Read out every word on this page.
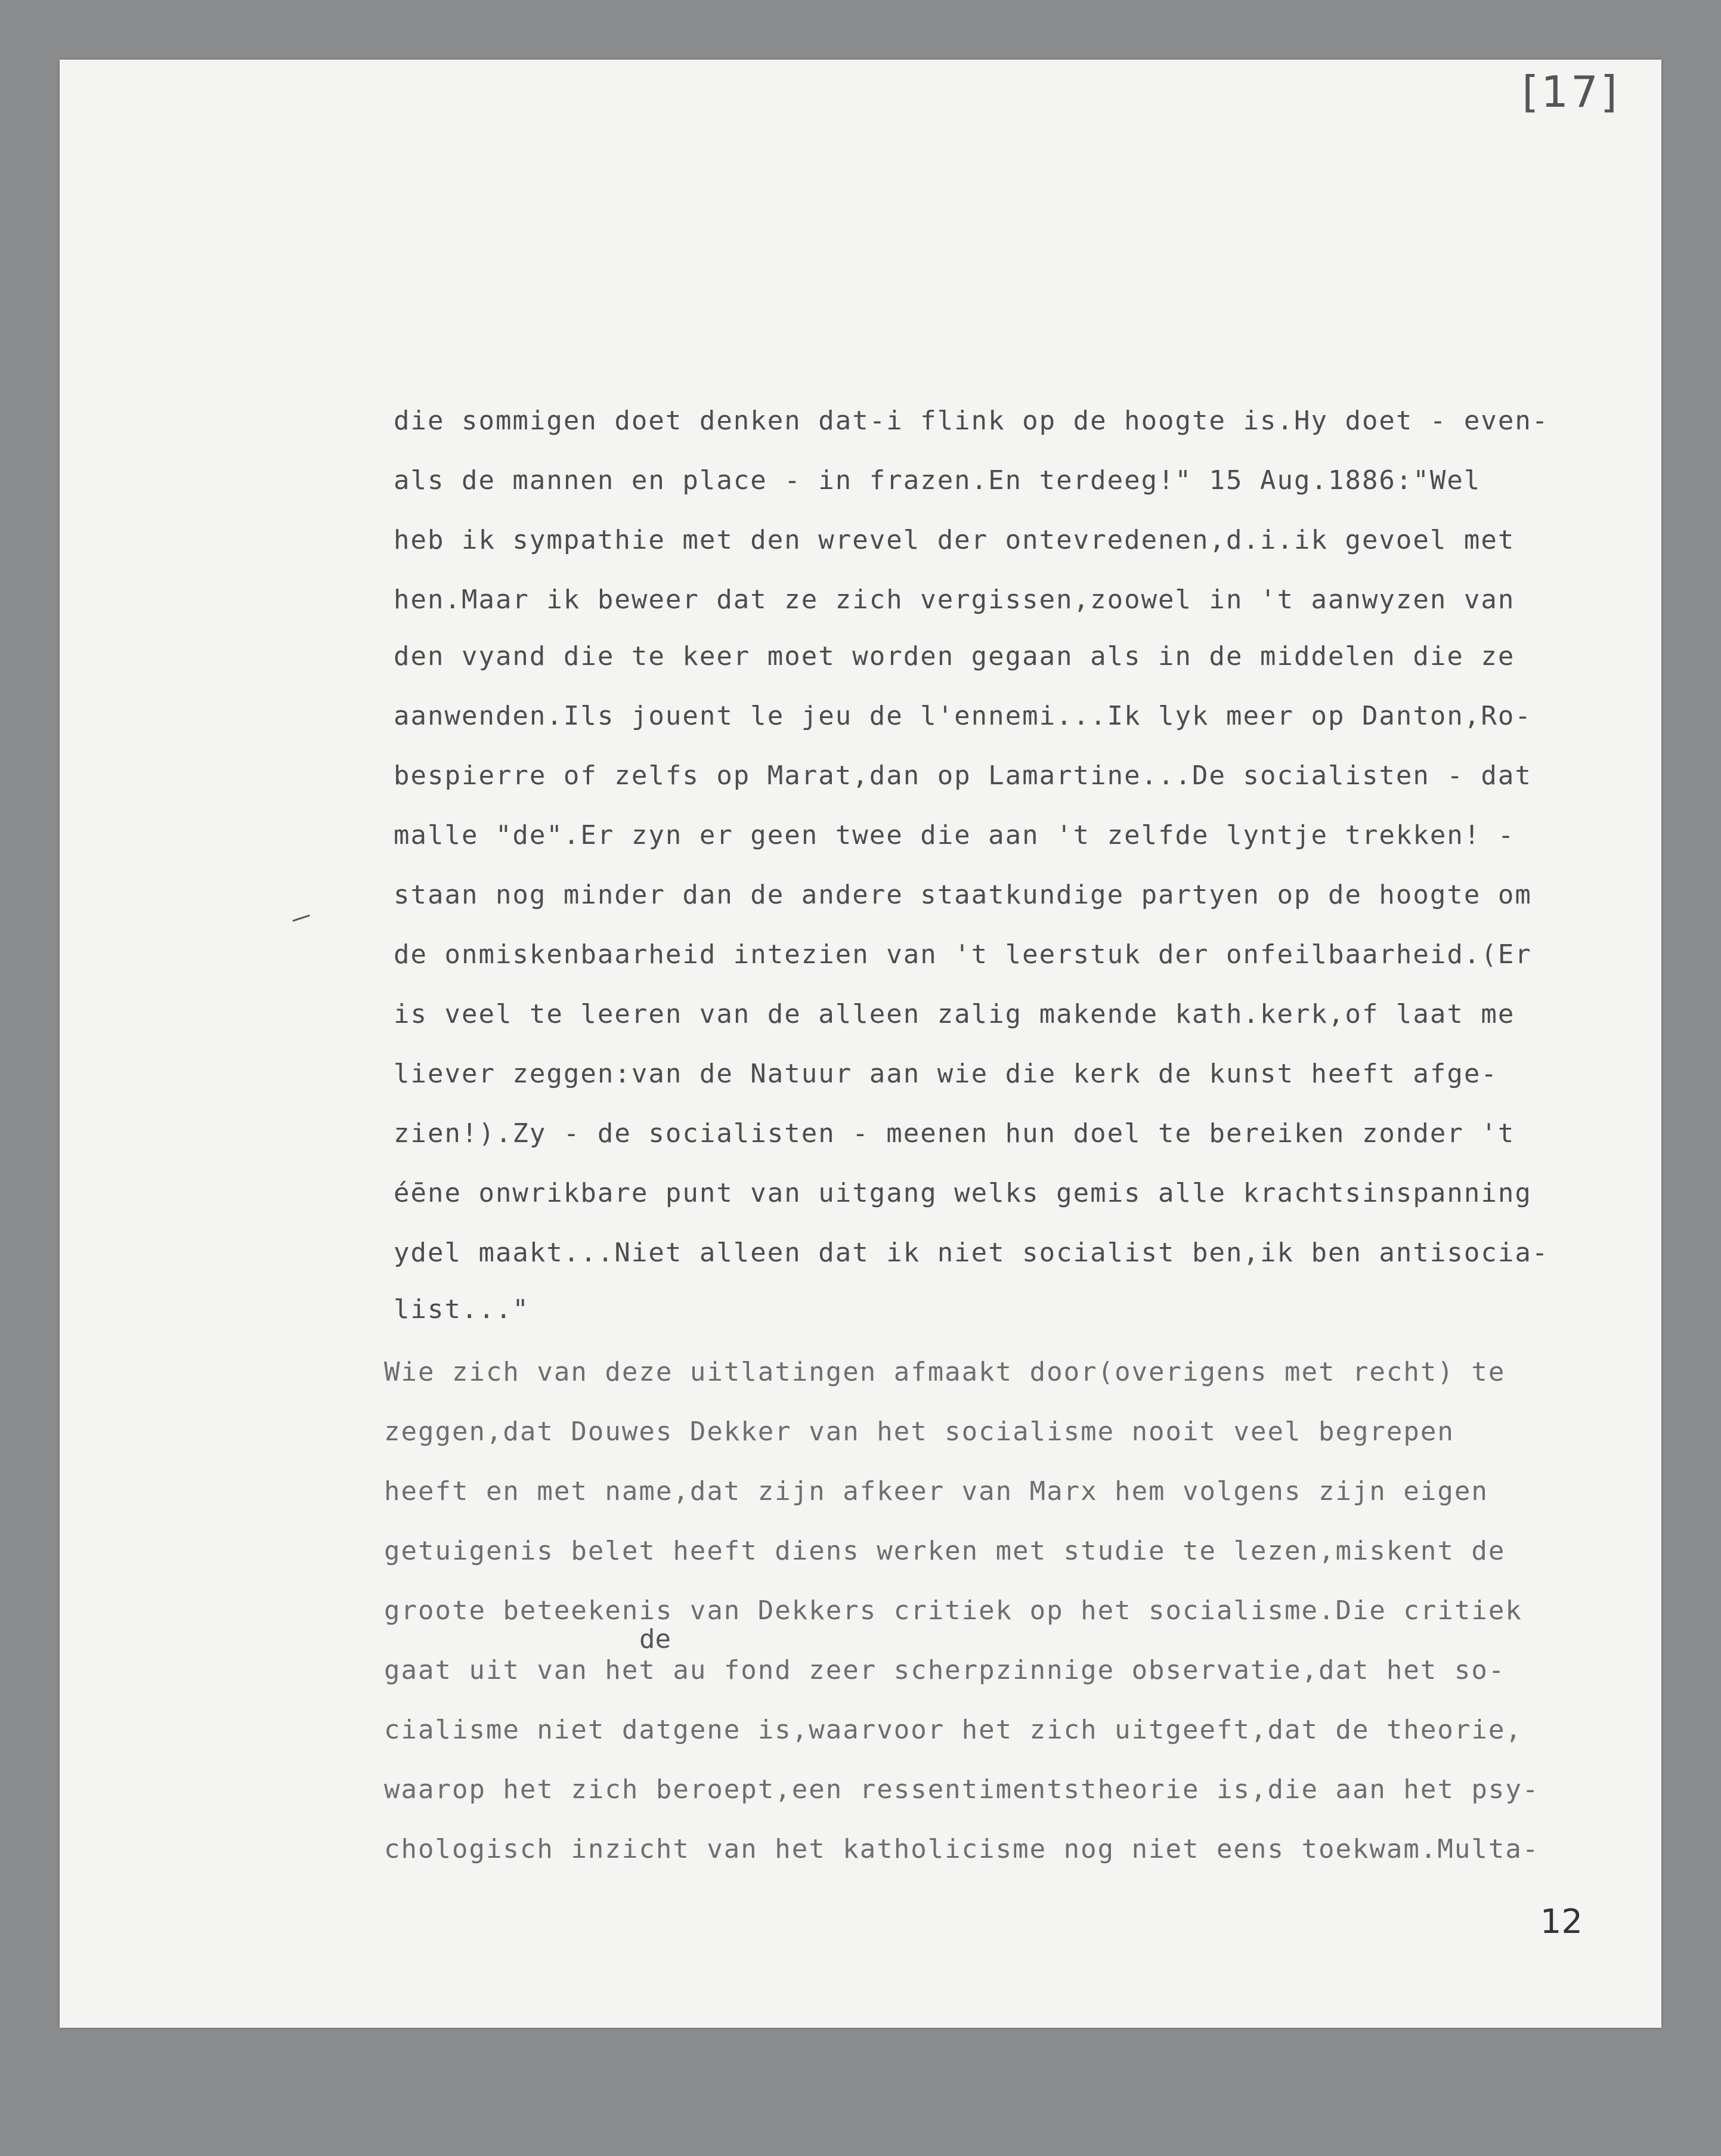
[17]
die sommigen doet denken dat-i flink op de hoogte is.Hy doet - even-
als de mannen en place - in frazen.En terdeeg!" 15 Aug.1886:"Wel
heb ik sympathie met den wrevel der ontevredenen,d.i.ik gevoel met
hen.Maar ik beweer dat ze zich vergissen,zoowel in 't aanwyzen van
den vyand die te keer moet worden gegaan als in de middelen die ze
aanwenden.Ils jouent le jeu de l'ennemi...Ik lyk meer op Danton,Ro-
bespierre of zelfs op Marat,dan op Lamartine...De socialisten - dat
malle "de".Er zyn er geen twee die aan 't zelfde lyntje trekken! -
staan nog minder dan de andere staatkundige partyen op de hoogte om
de onmiskenbaarheid intezien van 't leerstuk der onfeilbaarheid.(Er
is veel te leeren van de alleen zalig makende kath.kerk,of laat me
liever zeggen:van de Natuur aan wie die kerk de kunst heeft afge-
zien!).Zy - de socialisten - meenen hun doel te bereiken zonder 't
éēne onwrikbare punt van uitgang welks gemis alle krachtsinspanning
ydel maakt...Niet alleen dat ik niet socialist ben,ik ben antisocia-
list..."
Wie zich van deze uitlatingen afmaakt door(overigens met recht) te
zeggen,dat Douwes Dekker van het socialisme nooit veel begrepen
heeft en met name,dat zijn afkeer van Marx hem volgens zijn eigen
getuigenis belet heeft diens werken met studie te lezen,miskent de
groote beteekenis van Dekkers critiek op het socialisme.Die critiek
de
gaat uit van het au fond zeer scherpzinnige observatie,dat het so-
cialisme niet datgene is,waarvoor het zich uitgeeft,dat de theorie,
waarop het zich beroept,een ressentimentstheorie is,die aan het psy-
chologisch inzicht van het katholicisme nog niet eens toekwam.Multa-
12
